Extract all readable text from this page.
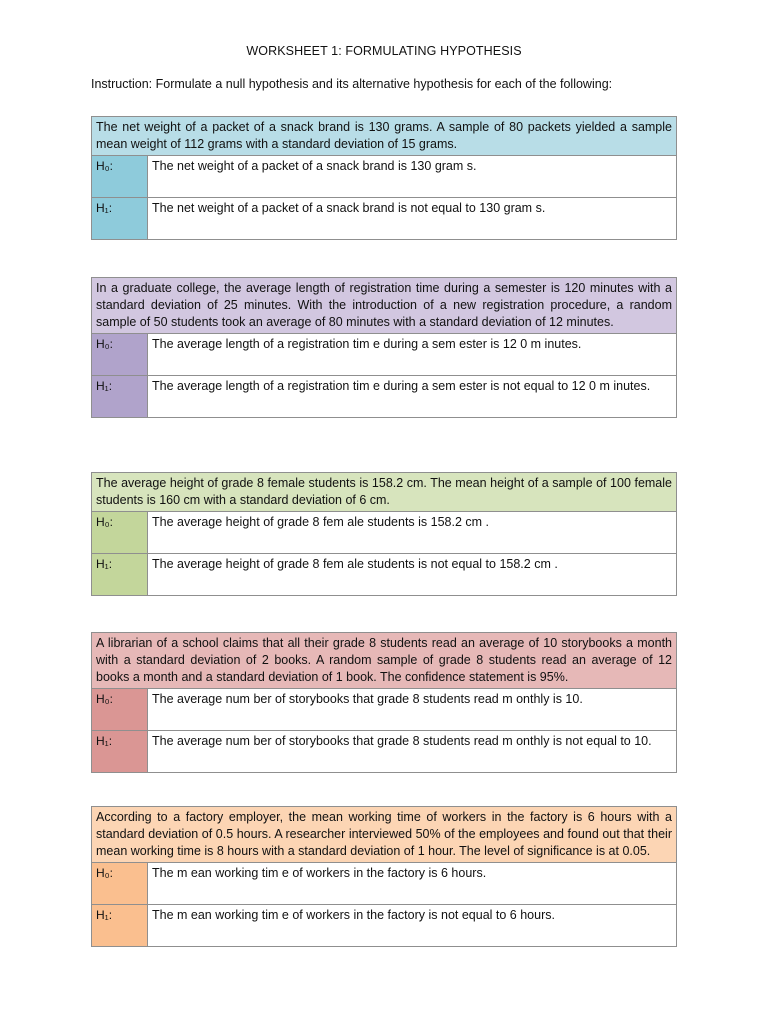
WORKSHEET 1: FORMULATING HYPOTHESIS
Instruction: Formulate a null hypothesis and its alternative hypothesis for each of the following:
The net weight of a packet of a snack brand is 130 grams. A sample of 80 packets yielded a sample mean weight of 112 grams with a standard deviation of 15 grams.
H₀:	The net weight of a packet of a snack brand is 130 gram s.
H₁:	The net weight of a packet of a snack brand is not equal to 130 gram s.
In a graduate college, the average length of registration time during a semester is 120 minutes with a standard deviation of 25 minutes. With the introduction of a new registration procedure, a random sample of 50 students took an average of 80 minutes with a standard deviation of 12 minutes.
H₀:	The average length of a registration tim e during a sem ester is 12 0 m inutes.
H₁:	The average length of a registration tim e during a sem ester is not equal to 12 0 m inutes.
The average height of grade 8 female students is 158.2 cm. The mean height of a sample of 100 female students is 160 cm with a standard deviation of 6 cm.
H₀:	The average height of grade 8 fem ale students is 158.2 cm .
H₁:	The average height of grade 8 fem ale students is not equal to 158.2 cm .
A librarian of a school claims that all their grade 8 students read an average of 10 storybooks a month with a standard deviation of 2 books. A random sample of grade 8 students read an average of 12 books a month and a standard deviation of 1 book. The confidence statement is 95%.
H₀:	The average num ber of storybooks that grade 8 students read m onthly is 10.
H₁:	The average num ber of storybooks that grade 8 students read m onthly is not equal to 10.
According to a factory employer, the mean working time of workers in the factory is 6 hours with a standard deviation of 0.5 hours. A researcher interviewed 50% of the employees and found out that their mean working time is 8 hours with a standard deviation of 1 hour. The level of significance is at 0.05.
H₀:	The m ean working tim e of workers in the factory is 6 hours.
H₁:	The m ean working tim e of workers in the factory is not equal to 6 hours.
